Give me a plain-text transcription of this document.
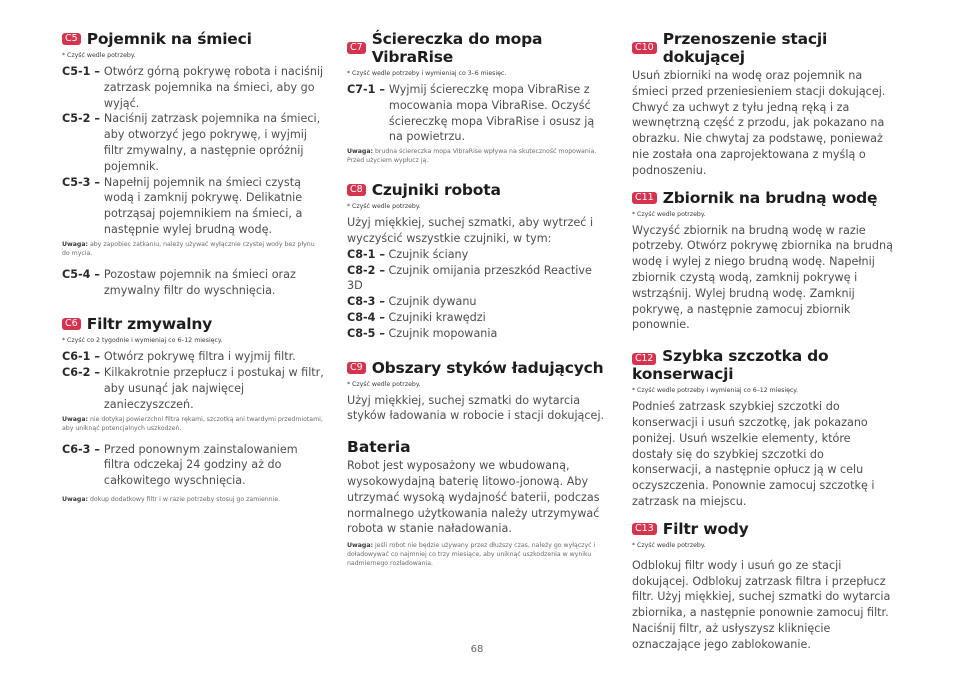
C5 Pojemnik na śmieci
* Czyść wedle potrzeby.
C5-1 – Otwórz górną pokrywę robota i naciśnij zatrzask pojemnika na śmieci, aby go wyjąć.
C5-2 – Naciśnij zatrzask pojemnika na śmieci, aby otworzyć jego pokrywę, i wyjmij filtr zmywalny, a następnie opróżnij pojemnik.
C5-3 – Napełnij pojemnik na śmieci czystą wodą i zamknij pokrywę. Delikatnie potrząsaj pojemnikiem na śmieci, a następnie wylej brudną wodę.
Uwaga: aby zapobiec zatkaniu, należy używać wyłącznie czystej wody bez płynu do mycia.
C5-4 – Pozostaw pojemnik na śmieci oraz zmywalny filtr do wyschnięcia.
C6 Filtr zmywalny
* Czyść co 2 tygodnie i wymieniaj co 6–12 miesięcy.
C6-1 – Otwórz pokrywę filtra i wyjmij filtr.
C6-2 – Kilkakrotnie przepłucz i postukaj w filtr, aby usunąć jak najwięcej zanieczyszczeń.
Uwaga: nie dotykaj powierzchni filtra rękami, szczotką ani twardymi przedmiotami, aby uniknąć potencjalnych uszkodzeń.
C6-3 – Przed ponownym zainstalowaniem filtra odczekaj 24 godziny aż do całkowitego wyschnięcia.
Uwaga: dokup dodatkowy filtr i w razie potrzeby stosuj go zamiennie.
C7 Ściereczka do mopa VibraRise
* Czyść wedle potrzeby i wymieniaj co 3–6 miesięc.
C7-1 – Wyjmij ściereczkę mopa VibraRise z mocowania mopa VibraRise. Oczyść ściereczkę mopa VibraRise i osusz ją na powietrzu.
Uwaga: brudna ściereczka mopa VibraRise wpływa na skuteczność mopowania. Przed użyciem wypłucz ją.
C8 Czujniki robota
* Czyść wedle potrzeby.

Użyj miękkiej, suchej szmatki, aby wytrzeć i wyczyścić wszystkie czujniki, w tym:

C8-1 – Czujnik ściany
C8-2 – Czujnik omijania przeszkód Reactive 3D
C8-3 – Czujnik dywanu
C8-4 – Czujniki krawędzi
C8-5 – Czujnik mopowania
C9 Obszary styków ładujących
* Czyść wedle potrzeby.

Użyj miękkiej, suchej szmatki do wytarcia styków ładowania w robocie i stacji dokującej.

Bateria

Robot jest wyposażony we wbudowaną, wysokowydajną baterię litowo-jonową. Aby utrzymać wysoką wydajność baterii, podczas normalnego użytkowania należy utrzymywać robota w stanie naładowania.

Uwaga: jeśli robot nie będzie używany przez dłuższy czas, należy go wyłączyć i doładowywać co najmniej co trzy miesiące, aby uniknąć uszkodzenia w wyniku nadmiernego rozładowania.
C10 Przenoszenie stacji dokującej

Usuń zbiorniki na wodę oraz pojemnik na śmieci przed przeniesieniem stacji dokującej. Chwyć za uchwyt z tyłu jedną ręką i za wewnętrzną część z przodu, jak pokazano na obrazku. Nie chwytaj za podstawę, ponieważ nie została ona zaprojektowana z myślą o podnoszeniu.

C11 Zbiornik na brudną wodę
* Czyść wedle potrzeby.

Wyczyść zbiornik na brudną wodę w razie potrzeby. Otwórz pokrywę zbiornika na brudną wodę i wylej z niego brudną wodę. Napełnij zbiornik czystą wodą, zamknij pokrywę i wstrząśnij. Wylej brudną wodę. Zamknij pokrywę, a następnie zamocuj zbiornik ponownie.

C12 Szybka szczotka do konserwacji
* Czyść wedle potrzeby i wymieniaj co 6–12 miesięcy.

Podnieś zatrzask szybkiej szczotki do konserwacji i usuń szczotkę, jak pokazano poniżej. Usuń wszelkie elementy, które dostały się do szybkiej szczotki do konserwacji, a następnie opłucz ją w celu oczyszczenia. Ponownie zamocuj szczotkę i zatrzask na miejscu.

C13 Filtr wody
* Czyść wedle potrzeby.

Odblokuj filtr wody i usuń go ze stacji dokującej. Odblokuj zatrzask filtra i przepłucz filtr. Użyj miękkiej, suchej szmatki do wytarcia zbiornika, a następnie ponownie zamocuj filtr. Naciśnij filtr, aż usłyszysz kliknięcie oznaczające jego zablokowanie.

68
